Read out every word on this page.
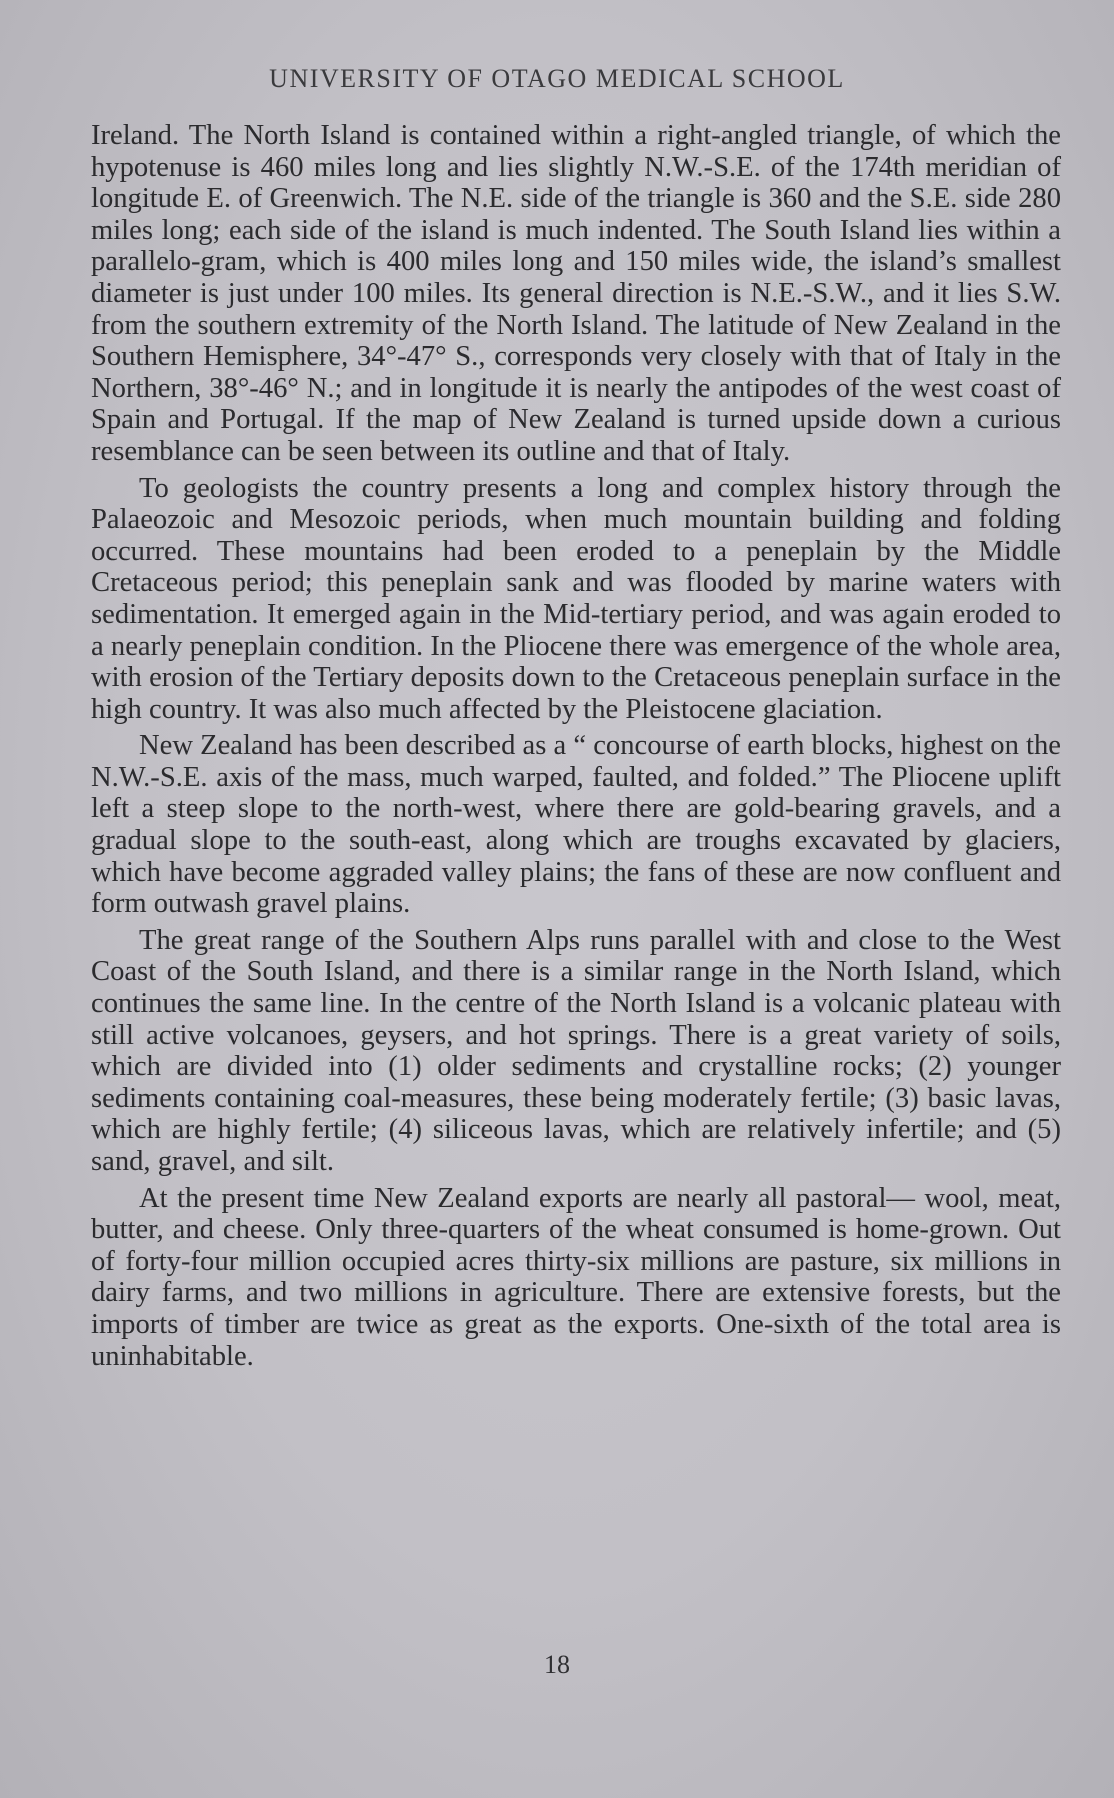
UNIVERSITY OF OTAGO MEDICAL SCHOOL

Ireland. The North Island is contained within a right-angled triangle, of which the hypotenuse is 460 miles long and lies slightly N.W.-S.E. of the 174th meridian of longitude E. of Greenwich. The N.E. side of the triangle is 360 and the S.E. side 280 miles long; each side of the island is much indented. The South Island lies within a parallelo-gram, which is 400 miles long and 150 miles wide, the island’s smallest diameter is just under 100 miles. Its general direction is N.E.-S.W., and it lies S.W. from the southern extremity of the North Island. The latitude of New Zealand in the Southern Hemisphere, 34°-47° S., corresponds very closely with that of Italy in the Northern, 38°-46° N.; and in longitude it is nearly the antipodes of the west coast of Spain and Portugal. If the map of New Zealand is turned upside down a curious resemblance can be seen between its outline and that of Italy.

To geologists the country presents a long and complex history through the Palaeozoic and Mesozoic periods, when much mountain building and folding occurred. These mountains had been eroded to a peneplain by the Middle Cretaceous period; this peneplain sank and was flooded by marine waters with sedimentation. It emerged again in the Mid-tertiary period, and was again eroded to a nearly peneplain condition. In the Pliocene there was emergence of the whole area, with erosion of the Tertiary deposits down to the Cretaceous peneplain surface in the high country. It was also much affected by the Pleistocene glaciation.

New Zealand has been described as a “ concourse of earth blocks, highest on the N.W.-S.E. axis of the mass, much warped, faulted, and folded.” The Pliocene uplift left a steep slope to the north-west, where there are gold-bearing gravels, and a gradual slope to the south-east, along which are troughs excavated by glaciers, which have become aggraded valley plains; the fans of these are now confluent and form outwash gravel plains.

The great range of the Southern Alps runs parallel with and close to the West Coast of the South Island, and there is a similar range in the North Island, which continues the same line. In the centre of the North Island is a volcanic plateau with still active volcanoes, geysers, and hot springs. There is a great variety of soils, which are divided into (1) older sediments and crystalline rocks; (2) younger sediments containing coal-measures, these being moderately fertile; (3) basic lavas, which are highly fertile; (4) siliceous lavas, which are relatively infertile; and (5) sand, gravel, and silt.

At the present time New Zealand exports are nearly all pastoral— wool, meat, butter, and cheese. Only three-quarters of the wheat consumed is home-grown. Out of forty-four million occupied acres thirty-six millions are pasture, six millions in dairy farms, and two millions in agriculture. There are extensive forests, but the imports of timber are twice as great as the exports. One-sixth of the total area is uninhabitable.

18
